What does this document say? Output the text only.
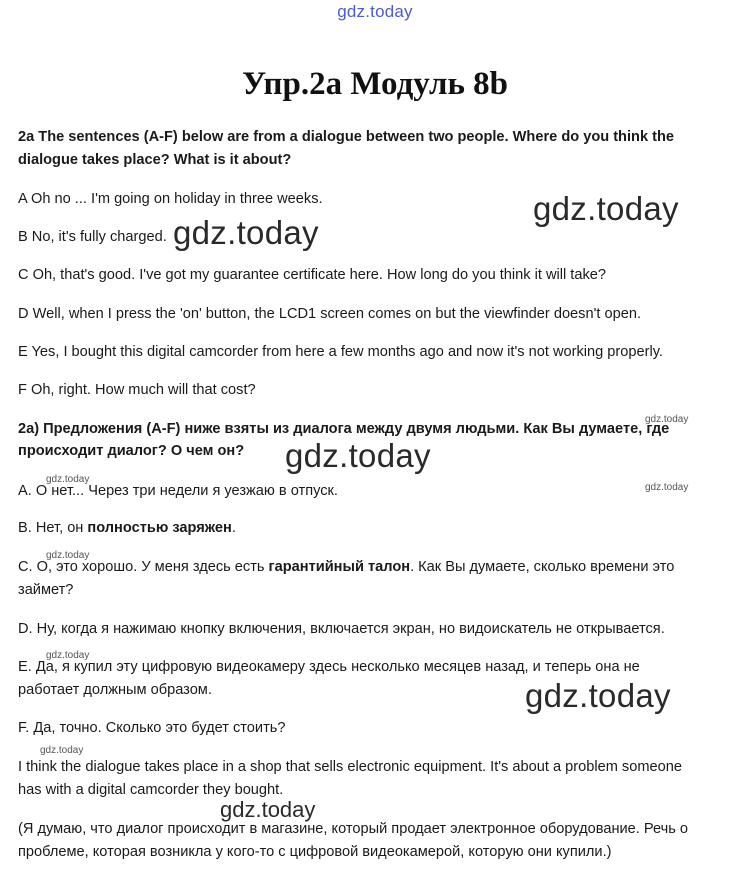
gdz.today
Упр.2а Модуль 8b
2a The sentences (A-F) below are from a dialogue between two people. Where do you think the
dialogue takes place? What is it about?
A Oh no ... I'm going on holiday in three weeks.
B No, it's fully charged.
C Oh, that's good. I've got my guarantee certificate here. How long do you think it will take?
D Well, when I press the 'on' button, the LCD1 screen comes on but the viewfinder doesn't open.
E Yes, I bought this digital camcorder from here a few months ago and now it's not working properly.
F Oh, right. How much will that cost?
2а) Предложения (A-F) ниже взяты из диалога между двумя людьми. Как Вы думаете, где
происходит диалог? О чем он?
А. О нет... Через три недели я уезжаю в отпуск.
В. Нет, он полностью заряжен.
С. О, это хорошо. У меня здесь есть гарантийный талон. Как Вы думаете, сколько времени это
займет?
D. Ну, когда я нажимаю кнопку включения, включается экран, но видоискатель не открывается.
Е. Да, я купил эту цифровую видеокамеру здесь несколько месяцев назад, и теперь она не
работает должным образом.
F. Да, точно. Сколько это будет стоить?
I think the dialogue takes place in a shop that sells electronic equipment. It's about a problem someone
has with a digital camcorder they bought.
(Я думаю, что диалог происходит в магазине, который продает электронное оборудование. Речь о
проблеме, которая возникла у кого-то с цифровой видеокамерой, которую они купили.)
gdz.today
gdz.today
gdz.today
gdz.today
gdz.today
gdz.today
gdz.today
gdz.today
gdz.today
gdz.today
gdz.today
